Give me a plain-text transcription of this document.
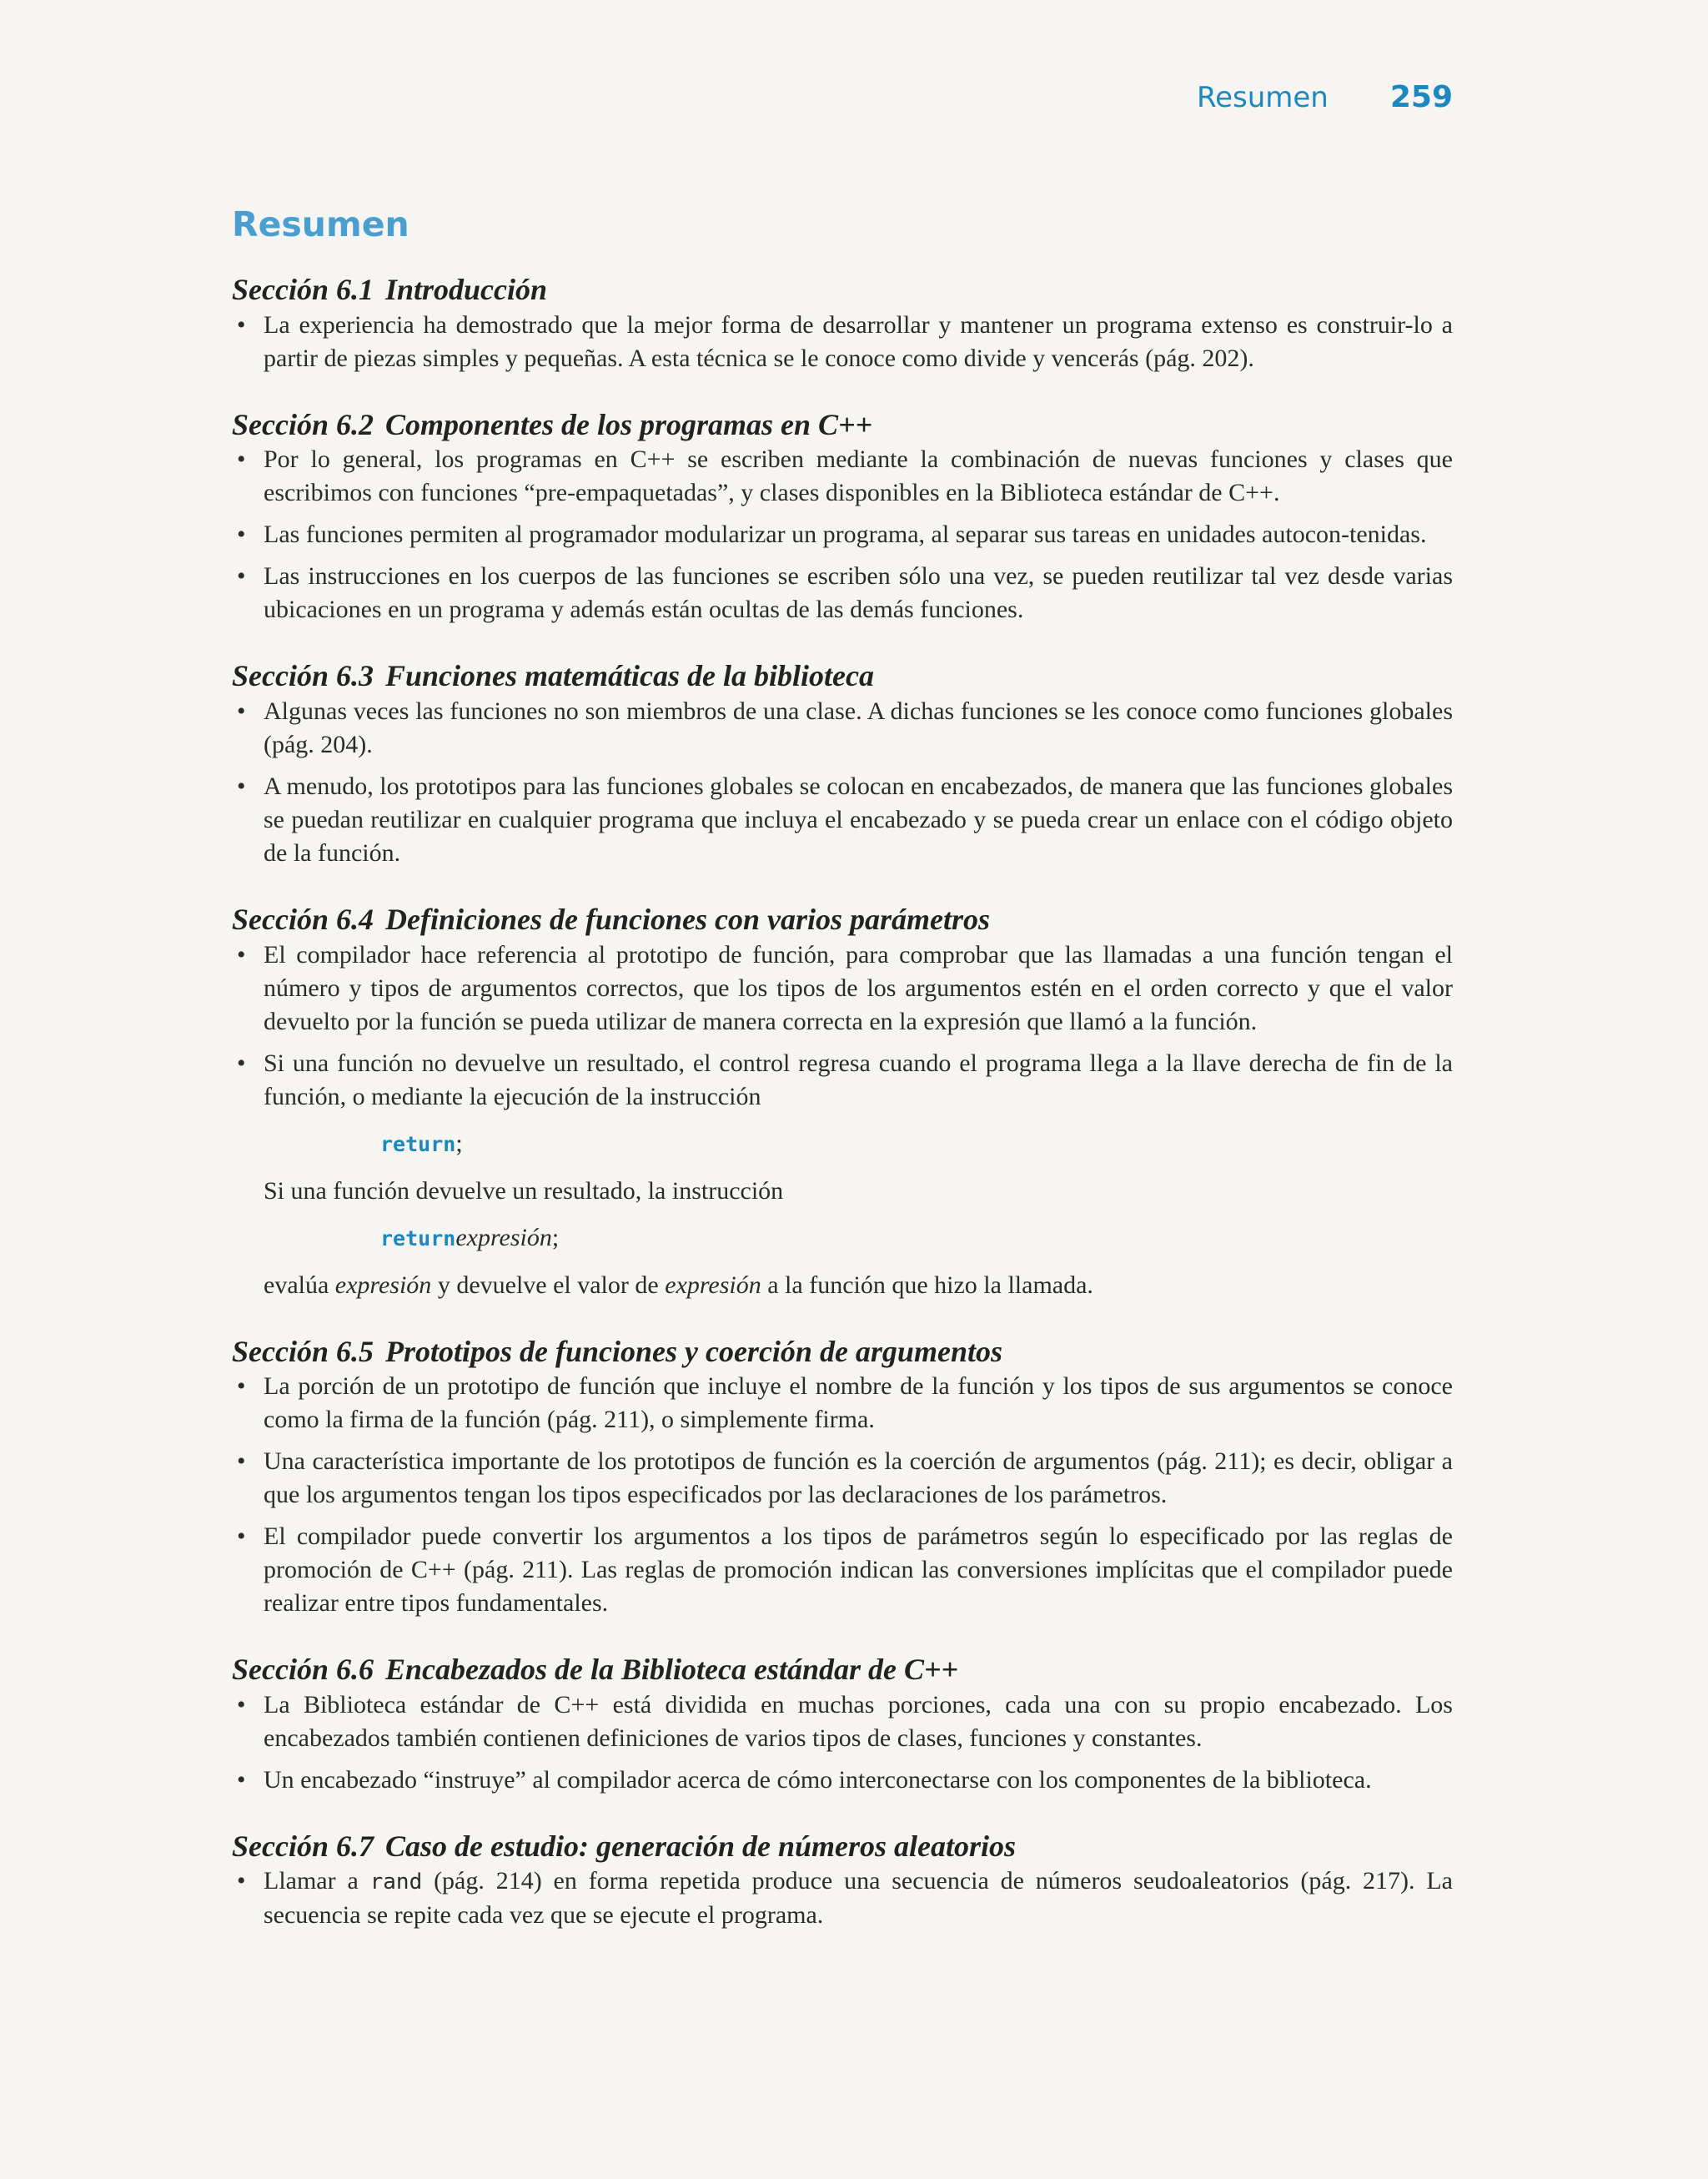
Resumen 259
Resumen
Sección 6.1 Introducción
• La experiencia ha demostrado que la mejor forma de desarrollar y mantener un programa extenso es construir-lo a partir de piezas simples y pequeñas. A esta técnica se le conoce como divide y vencerás (pág. 202).
Sección 6.2 Componentes de los programas en C++
• Por lo general, los programas en C++ se escriben mediante la combinación de nuevas funciones y clases que escribimos con funciones “pre-empaquetadas”, y clases disponibles en la Biblioteca estándar de C++.
• Las funciones permiten al programador modularizar un programa, al separar sus tareas en unidades autocon-tenidas.
• Las instrucciones en los cuerpos de las funciones se escriben sólo una vez, se pueden reutilizar tal vez desde varias ubicaciones en un programa y además están ocultas de las demás funciones.
Sección 6.3 Funciones matemáticas de la biblioteca
• Algunas veces las funciones no son miembros de una clase. A dichas funciones se les conoce como funciones globales (pág. 204).
• A menudo, los prototipos para las funciones globales se colocan en encabezados, de manera que las funciones globales se puedan reutilizar en cualquier programa que incluya el encabezado y se pueda crear un enlace con el código objeto de la función.
Sección 6.4 Definiciones de funciones con varios parámetros
• El compilador hace referencia al prototipo de función, para comprobar que las llamadas a una función tengan el número y tipos de argumentos correctos, que los tipos de los argumentos estén en el orden correcto y que el valor devuelto por la función se pueda utilizar de manera correcta en la expresión que llamó a la función.
• Si una función no devuelve un resultado, el control regresa cuando el programa llega a la llave derecha de fin de la función, o mediante la ejecución de la instrucción
return;
Si una función devuelve un resultado, la instrucción
returnexpresión;
evalúa expresión y devuelve el valor de expresión a la función que hizo la llamada.
Sección 6.5 Prototipos de funciones y coerción de argumentos
• La porción de un prototipo de función que incluye el nombre de la función y los tipos de sus argumentos se conoce como la firma de la función (pág. 211), o simplemente firma.
• Una característica importante de los prototipos de función es la coerción de argumentos (pág. 211); es decir, obligar a que los argumentos tengan los tipos especificados por las declaraciones de los parámetros.
• El compilador puede convertir los argumentos a los tipos de parámetros según lo especificado por las reglas de promoción de C++ (pág. 211). Las reglas de promoción indican las conversiones implícitas que el compilador puede realizar entre tipos fundamentales.
Sección 6.6 Encabezados de la Biblioteca estándar de C++
• La Biblioteca estándar de C++ está dividida en muchas porciones, cada una con su propio encabezado. Los encabezados también contienen definiciones de varios tipos de clases, funciones y constantes.
• Un encabezado “instruye” al compilador acerca de cómo interconectarse con los componentes de la biblioteca.
Sección 6.7 Caso de estudio: generación de números aleatorios
• Llamar a rand (pág. 214) en forma repetida produce una secuencia de números seudoaleatorios (pág. 217). La secuencia se repite cada vez que se ejecute el programa.
